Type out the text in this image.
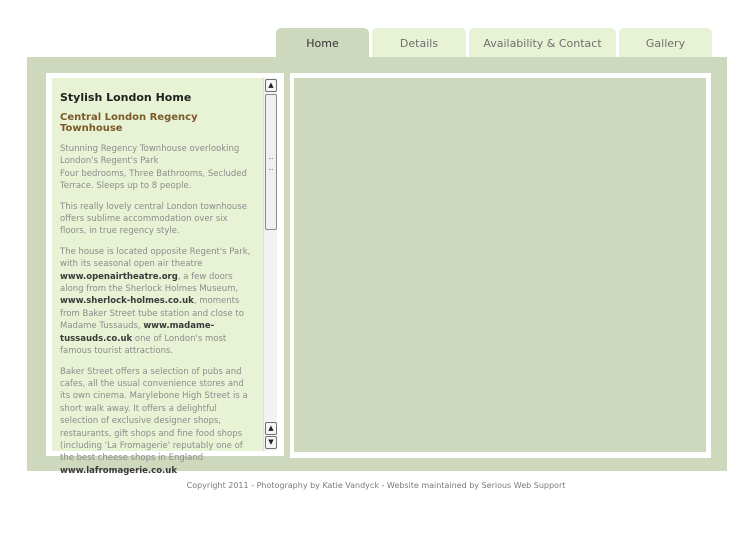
Home	Details	Availability & Contact	Gallery
Stylish London Home
Central London Regency Townhouse

Stunning Regency Townhouse overlooking London's Regent's Park
Four bedrooms, Three Bathrooms, Secluded Terrace. Sleeps up to 8 people.

This really lovely central London townhouse offers sublime accommodation over six floors, in true regency style.

The house is located opposite Regent's Park, with its seasonal open air theatre www.openairtheatre.org, a few doors along from the Sherlock Holmes Museum, www.sherlock-holmes.co.uk, moments from Baker Street tube station and close to Madame Tussauds, www.madame-tussauds.co.uk one of London's most famous tourist attractions.

Baker Street offers a selection of pubs and cafes, all the usual convenience stores and its own cinema. Marylebone High Street is a short walk away. It offers a delightful selection of exclusive designer shops, restaurants, gift shops and fine food shops (including 'La Fromagerie' reputably one of the best cheese shops in England www.lafromagerie.co.uk

▲
▲
▼
Copyright 2011 - Photography by Katie Vandyck - Website maintained by Serious Web Support
